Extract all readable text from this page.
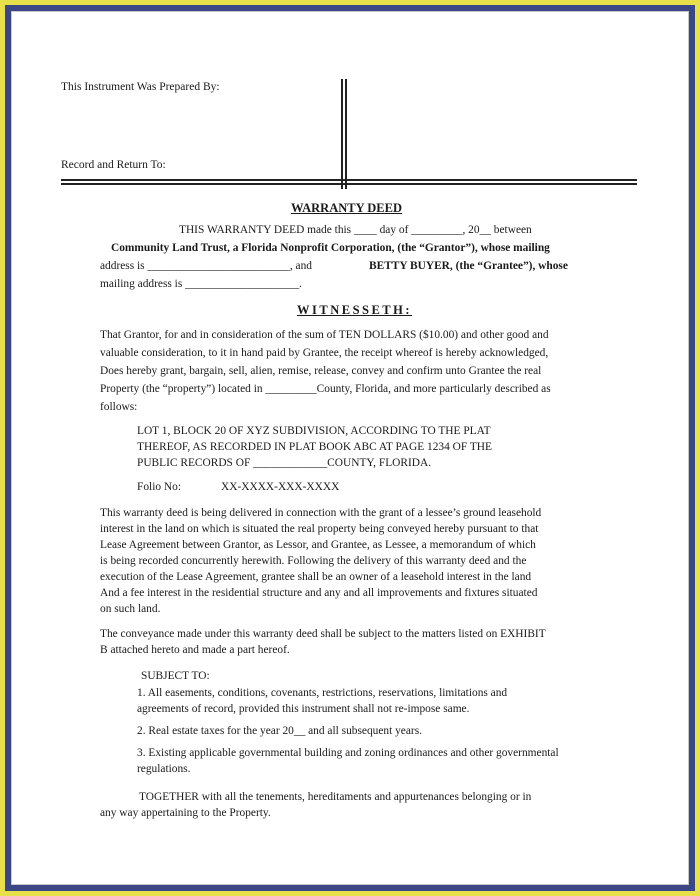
This Instrument Was Prepared By:
Record and Return To:
WARRANTY DEED
THIS WARRANTY DEED made this ____ day of _________, 20__ between
Community Land Trust, a Florida Nonprofit Corporation, (the “Grantor”), whose mailing
address is _________________________, and	BETTY BUYER, (the “Grantee”), whose
mailing address is ____________________.
WITNESSETH:
That Grantor, for and in consideration of the sum of TEN DOLLARS ($10.00) and other good and
valuable consideration, to it in hand paid by Grantee, the receipt whereof is hereby acknowledged,
Does hereby grant, bargain, sell, alien, remise, release, convey and confirm unto Grantee the real
Property (the “property”) located in _________County, Florida, and more particularly described as
follows:
LOT 1, BLOCK 20 OF XYZ SUBDIVISION, ACCORDING TO THE PLAT
THEREOF, AS RECORDED IN PLAT BOOK ABC AT PAGE 1234 OF THE
PUBLIC RECORDS OF _____________COUNTY, FLORIDA.
Folio No:	XX-XXXX-XXX-XXXX
This warranty deed is being delivered in connection with the grant of a lessee’s ground leasehold
interest in the land on which is situated the real property being conveyed hereby pursuant to that
Lease Agreement between Grantor, as Lessor, and Grantee, as Lessee, a memorandum of which
is being recorded concurrently herewith. Following the delivery of this warranty deed and the
execution of the Lease Agreement, grantee shall be an owner of a leasehold interest in the land
And a fee interest in the residential structure and any and all improvements and fixtures situated
on such land.
The conveyance made under this warranty deed shall be subject to the matters listed on EXHIBIT
B attached hereto and made a part hereof.
SUBJECT TO:
1. All easements, conditions, covenants, restrictions, reservations, limitations and
agreements of record, provided this instrument shall not re-impose same.
2. Real estate taxes for the year 20__ and all subsequent years.
3. Existing applicable governmental building and zoning ordinances and other governmental
regulations.
TOGETHER with all the tenements, hereditaments and appurtenances belonging or in
any way appertaining to the Property.
